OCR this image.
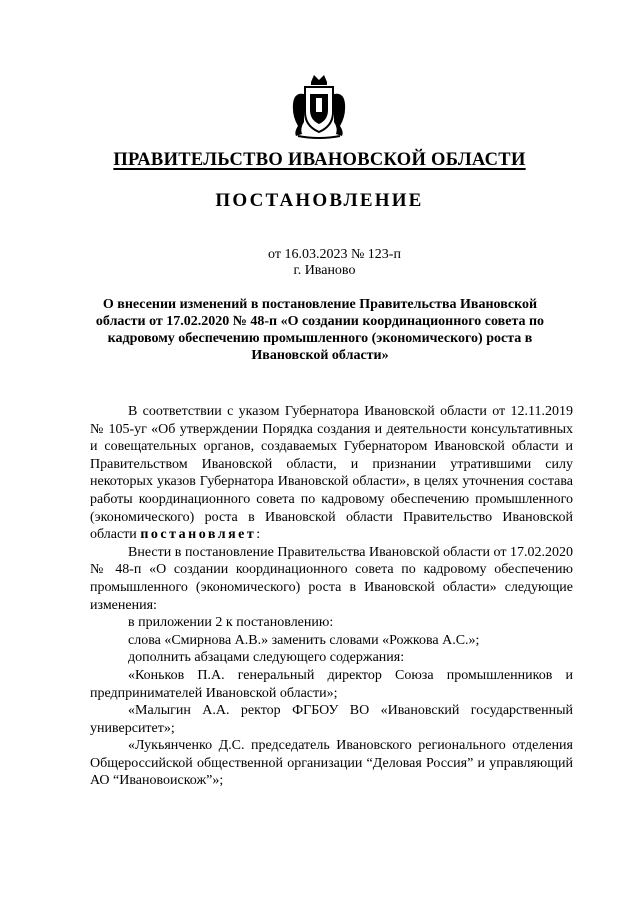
ПРАВИТЕЛЬСТВО ИВАНОВСКОЙ ОБЛАСТИ
ПОСТАНОВЛЕНИЕ
от 16.03.2023 № 123-п
г. Иваново
О внесении изменений в постановление Правительства Ивановской области от 17.02.2020 № 48-п «О создании координационного совета по кадровому обеспечению промышленного (экономического) роста в Ивановской области»

В соответствии с указом Губернатора Ивановской области от 12.11.2019 № 105-уг «Об утверждении Порядка создания и деятельности консультативных и совещательных органов, создаваемых Губернатором Ивановской области и Правительством Ивановской области, и признании утратившими силу некоторых указов Губернатора Ивановской области», в целях уточнения состава работы координационного совета по кадровому обеспечению промышленного (экономического) роста в Ивановской области Правительство Ивановской области постановляет:

Внести в постановление Правительства Ивановской области от 17.02.2020 № 48-п «О создании координационного совета по кадровому обеспечению промышленного (экономического) роста в Ивановской области» следующие изменения:

в приложении 2 к постановлению:

слова «Смирнова А.В.» заменить словами «Рожкова А.С.»;

дополнить абзацами следующего содержания:

«Коньков П.А. генеральный директор Союза промышленников и предпринимателей Ивановской области»;

«Малыгин А.А. ректор ФГБОУ ВО «Ивановский государственный университет»;

«Лукьянченко Д.С. председатель Ивановского регионального отделения Общероссийской общественной организации “Деловая Россия” и управляющий АО “Ивановоискож”»;
